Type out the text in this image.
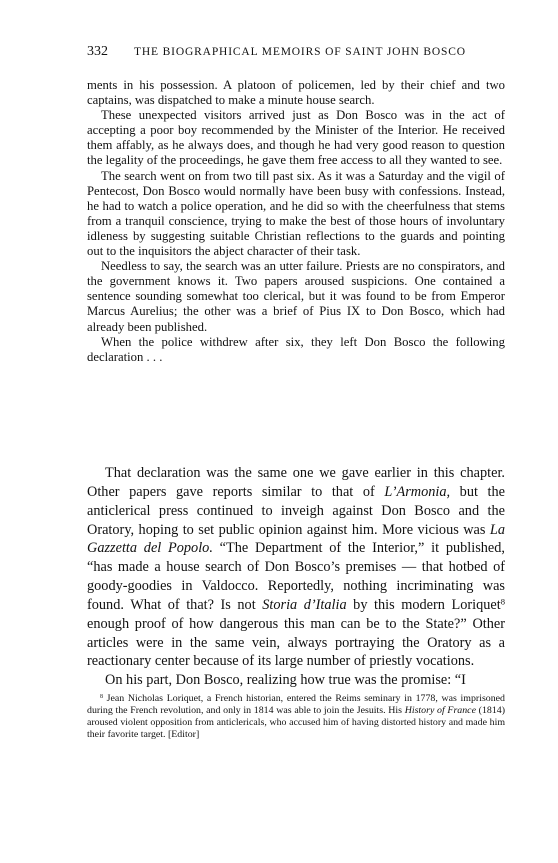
332 THE BIOGRAPHICAL MEMOIRS OF SAINT JOHN BOSCO

ments in his possession. A platoon of policemen, led by their chief and two captains, was dispatched to make a minute house search.

These unexpected visitors arrived just as Don Bosco was in the act of accepting a poor boy recommended by the Minister of the Interior. He received them affably, as he always does, and though he had very good reason to question the legality of the proceedings, he gave them free access to all they wanted to see.

The search went on from two till past six. As it was a Saturday and the vigil of Pentecost, Don Bosco would normally have been busy with confessions. Instead, he had to watch a police operation, and he did so with the cheerfulness that stems from a tranquil conscience, trying to make the best of those hours of involuntary idleness by suggesting suitable Christian reflections to the guards and pointing out to the inquisitors the abject character of their task.

Needless to say, the search was an utter failure. Priests are no conspirators, and the government knows it. Two papers aroused suspicions. One contained a sentence sounding somewhat too clerical, but it was found to be from Emperor Marcus Aurelius; the other was a brief of Pius IX to Don Bosco, which had already been published.

When the police withdrew after six, they left Don Bosco the following declaration . . .

That declaration was the same one we gave earlier in this chapter. Other papers gave reports similar to that of L’Armonia, but the anticlerical press continued to inveigh against Don Bosco and the Oratory, hoping to set public opinion against him. More vicious was La Gazzetta del Popolo. “The Department of the Interior,” it published, “has made a house search of Don Bosco’s premises — that hotbed of goody-goodies in Valdocco. Reportedly, nothing incriminating was found. What of that? Is not Storia d’Italia by this modern Loriquet$^8$ enough proof of how dangerous this man can be to the State?” Other articles were in the same vein, always portraying the Oratory as a reactionary center because of its large number of priestly vocations.

On his part, Don Bosco, realizing how true was the promise: “I

$^8$ Jean Nicholas Loriquet, a French historian, entered the Reims seminary in 1778, was imprisoned during the French revolution, and only in 1814 was able to join the Jesuits. His History of France (1814) aroused violent opposition from anticlericals, who accused him of having distorted history and made him their favorite target. [Editor]
